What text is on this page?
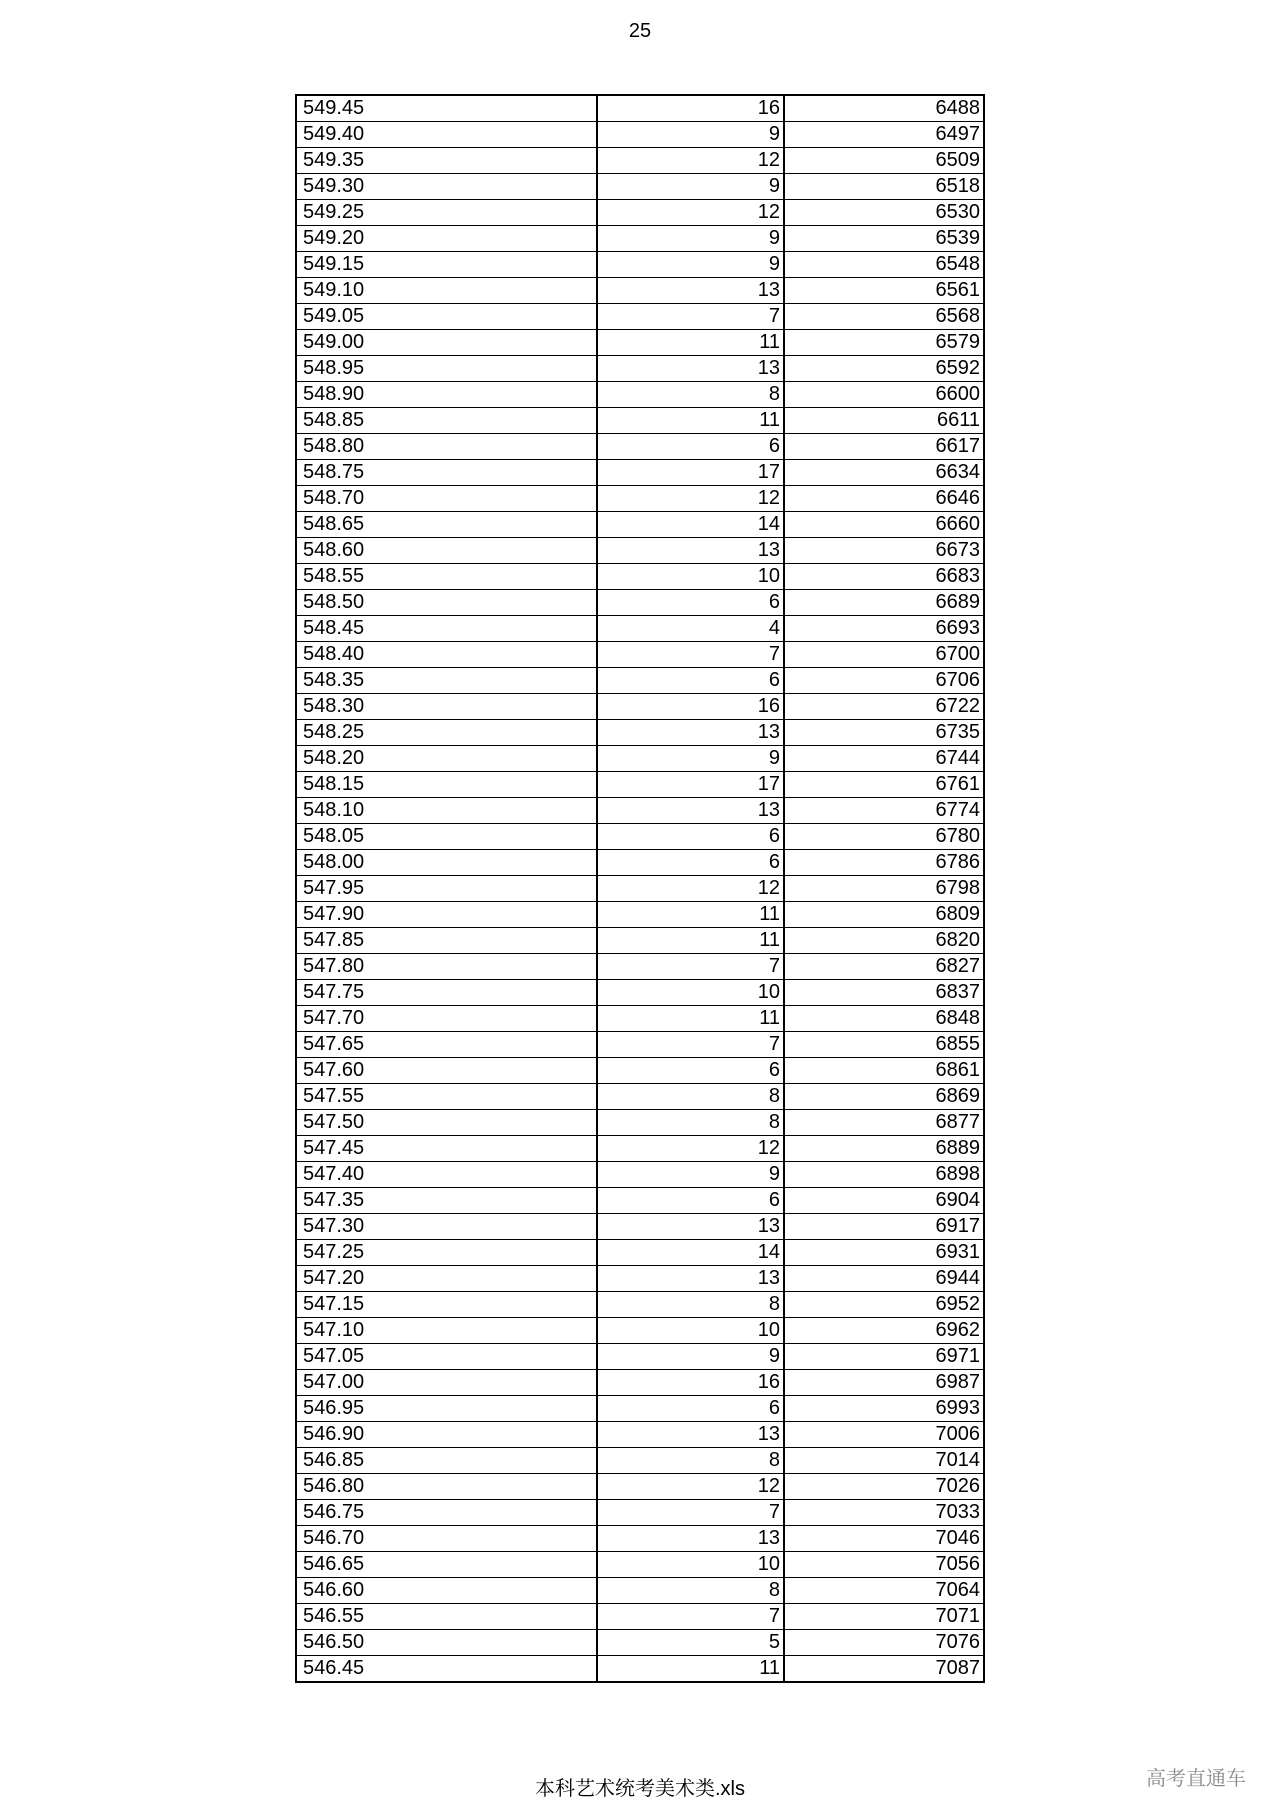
25
549.45	16	6488
549.40	9	6497
549.35	12	6509
549.30	9	6518
549.25	12	6530
549.20	9	6539
549.15	9	6548
549.10	13	6561
549.05	7	6568
549.00	11	6579
548.95	13	6592
548.90	8	6600
548.85	11	6611
548.80	6	6617
548.75	17	6634
548.70	12	6646
548.65	14	6660
548.60	13	6673
548.55	10	6683
548.50	6	6689
548.45	4	6693
548.40	7	6700
548.35	6	6706
548.30	16	6722
548.25	13	6735
548.20	9	6744
548.15	17	6761
548.10	13	6774
548.05	6	6780
548.00	6	6786
547.95	12	6798
547.90	11	6809
547.85	11	6820
547.80	7	6827
547.75	10	6837
547.70	11	6848
547.65	7	6855
547.60	6	6861
547.55	8	6869
547.50	8	6877
547.45	12	6889
547.40	9	6898
547.35	6	6904
547.30	13	6917
547.25	14	6931
547.20	13	6944
547.15	8	6952
547.10	10	6962
547.05	9	6971
547.00	16	6987
546.95	6	6993
546.90	13	7006
546.85	8	7014
546.80	12	7026
546.75	7	7033
546.70	13	7046
546.65	10	7056
546.60	8	7064
546.55	7	7071
546.50	5	7076
546.45	11	7087
本科艺术统考美术类.xls	高考直通车
